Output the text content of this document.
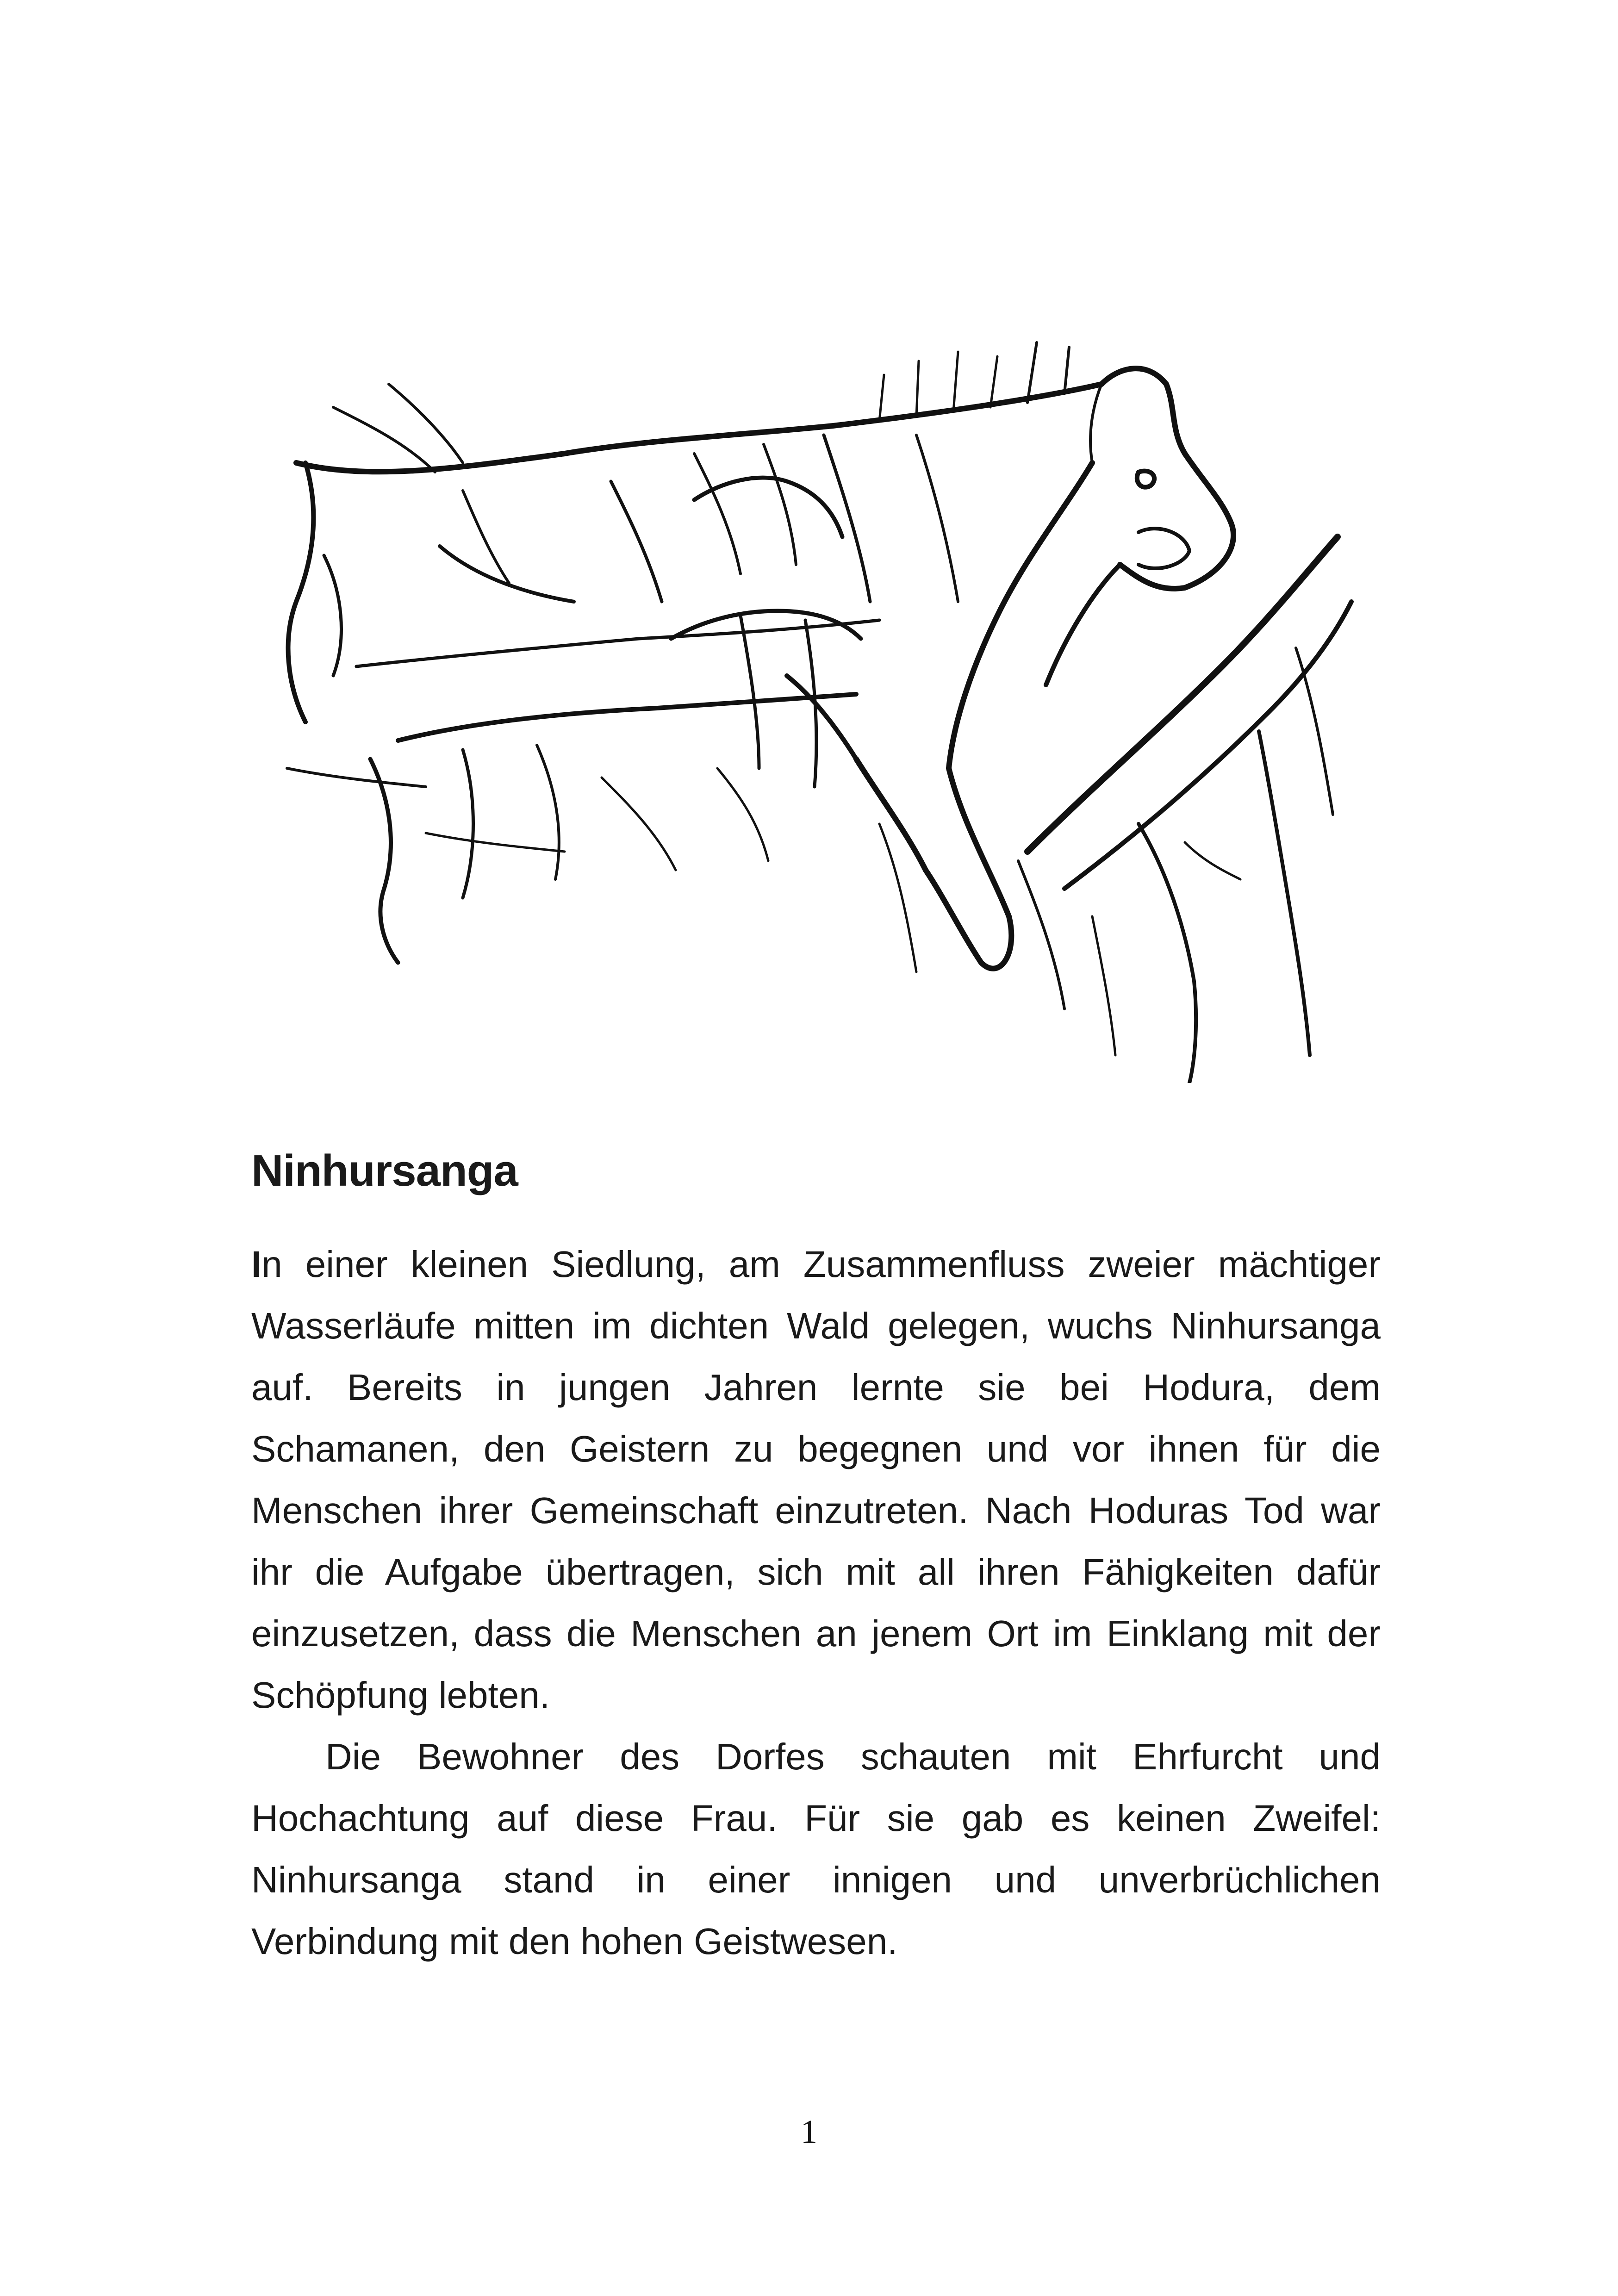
Ninhursanga

In einer kleinen Siedlung, am Zusammenfluss zweier mächtiger Wasserläufe mitten im dichten Wald gelegen, wuchs Ninhursanga auf. Bereits in jungen Jahren lernte sie bei Hodura, dem Schamanen, den Geistern zu begegnen und vor ihnen für die Menschen ihrer Gemeinschaft einzutreten. Nach Hoduras Tod war ihr die Aufgabe übertragen, sich mit all ihren Fähigkeiten dafür einzusetzen, dass die Menschen an jenem Ort im Einklang mit der Schöpfung lebten.

Die Bewohner des Dorfes schauten mit Ehrfurcht und Hochachtung auf diese Frau. Für sie gab es keinen Zweifel: Ninhursanga stand in einer innigen und unverbrüchlichen Verbindung mit den hohen Geistwesen.

1
